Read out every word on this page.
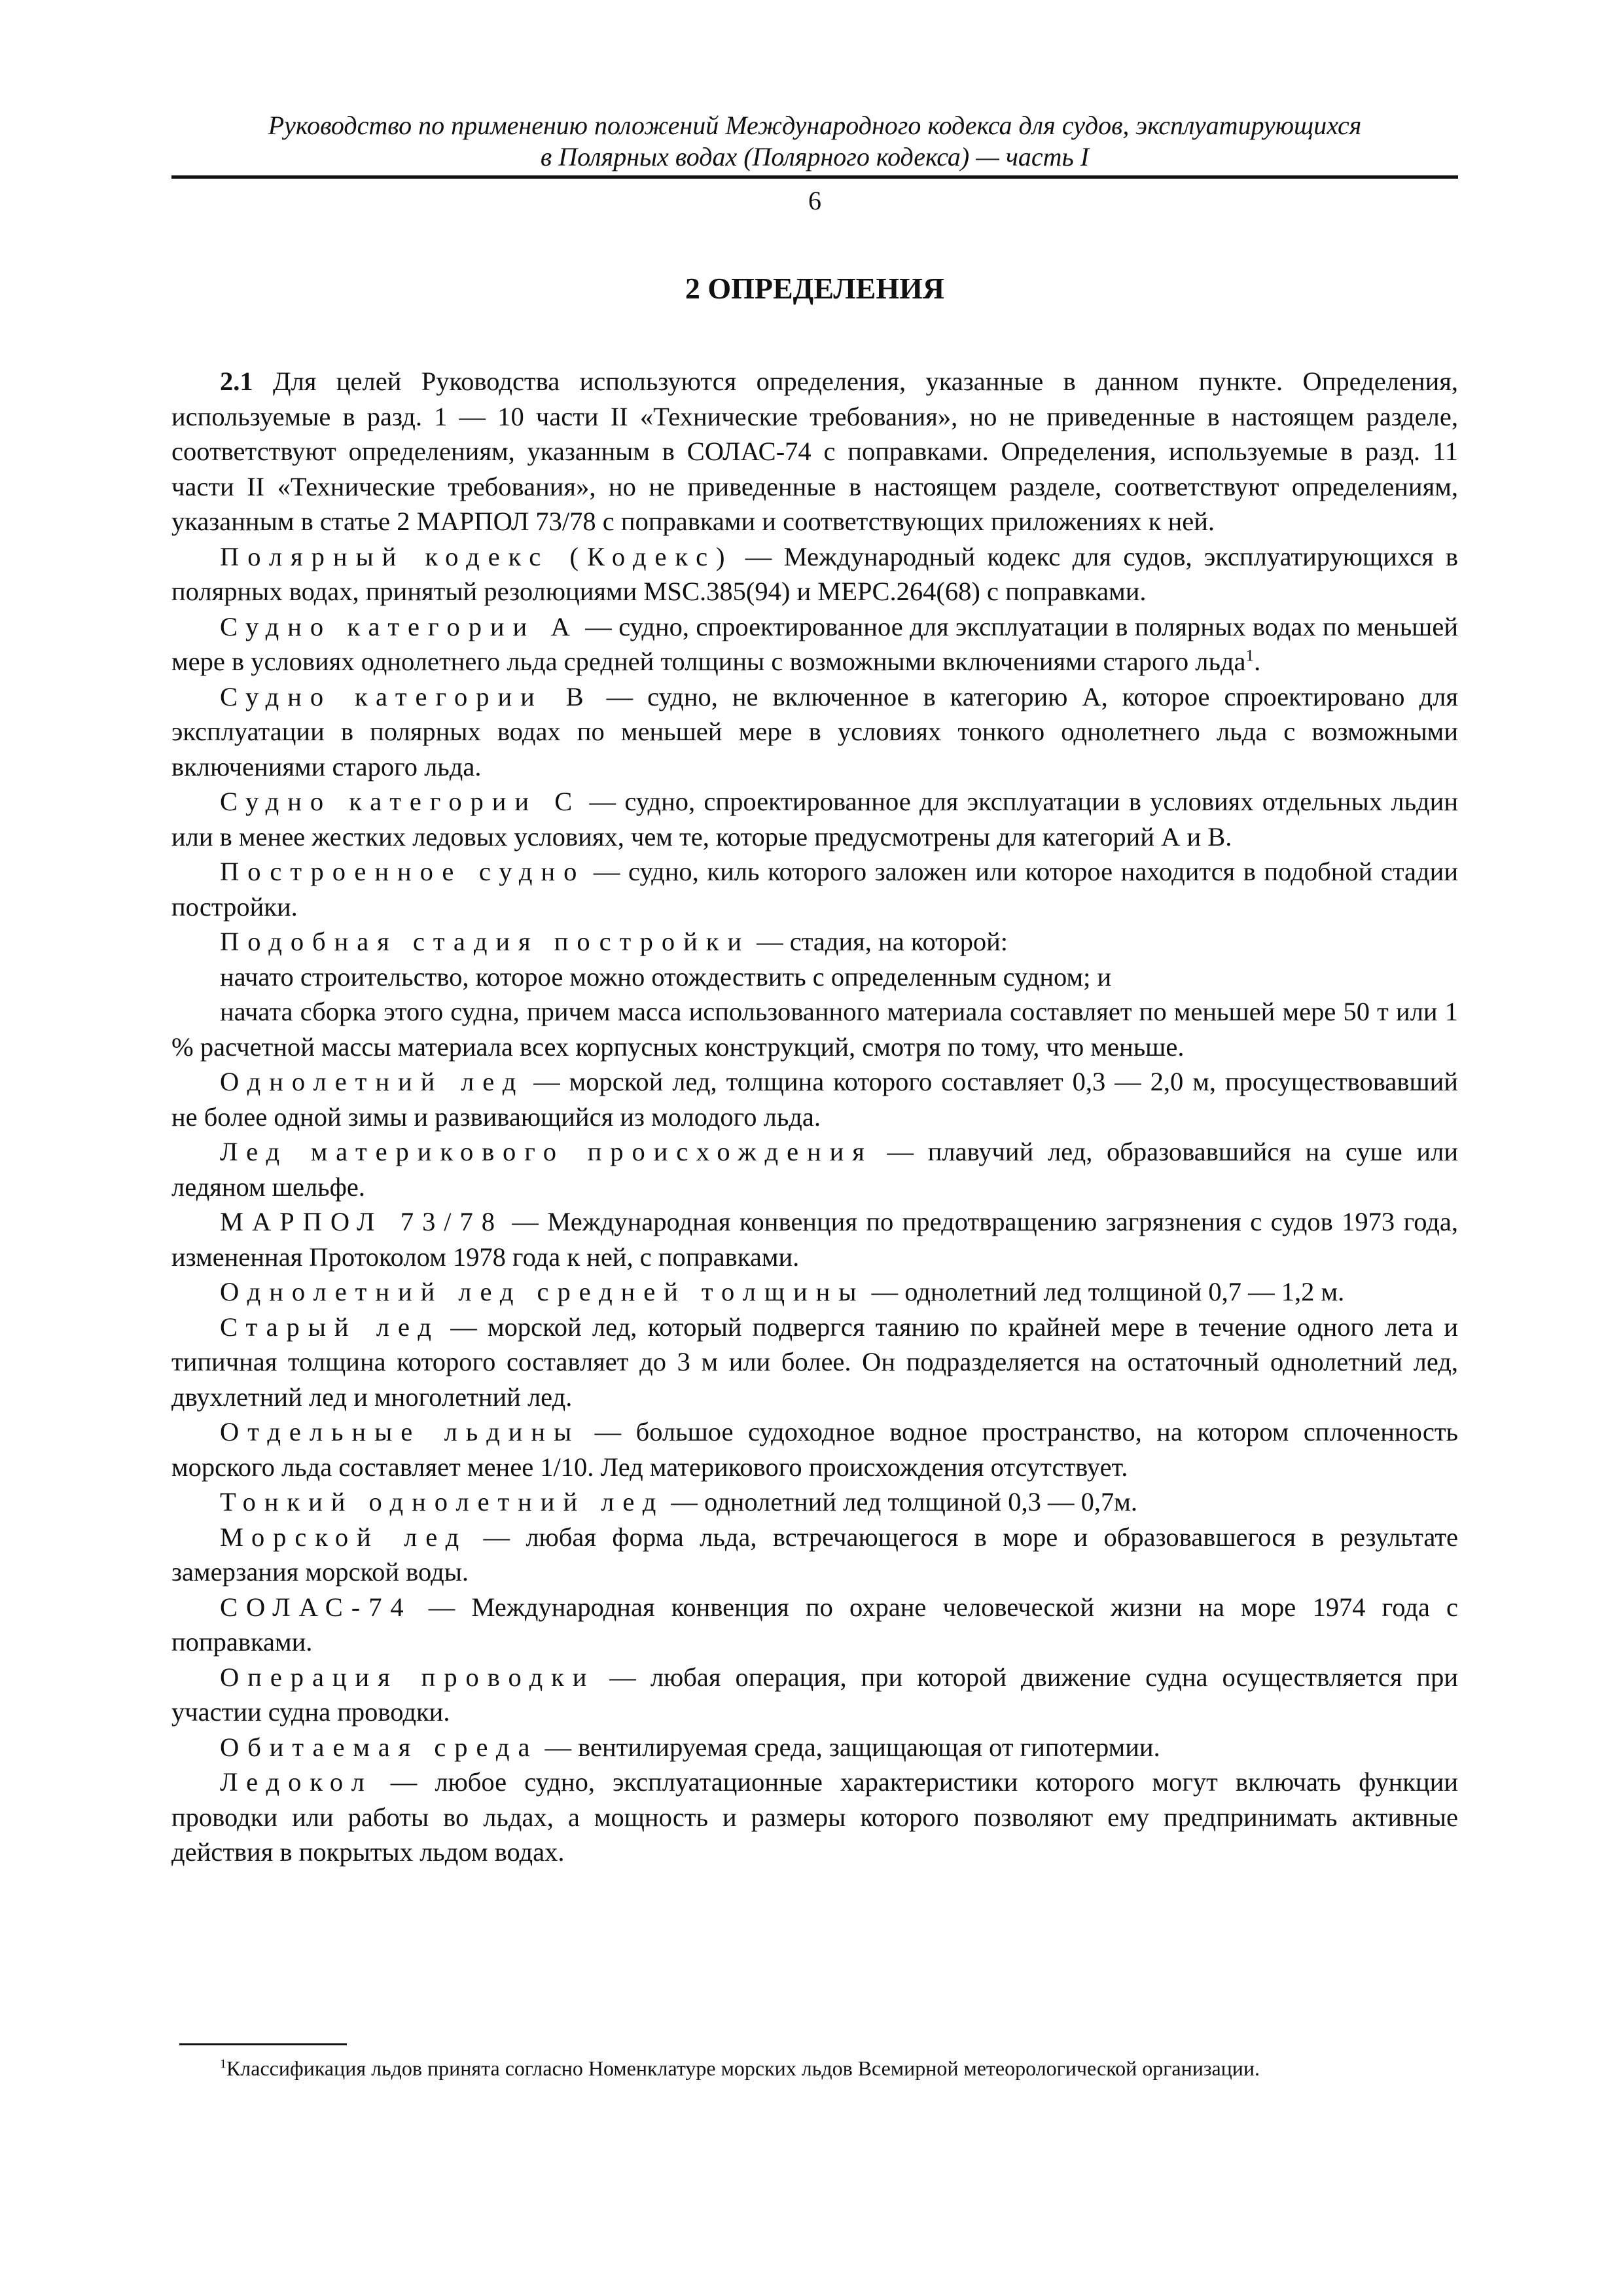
Руководство по применению положений Международного кодекса для судов, эксплуатирующихся
в Полярных водах (Полярного кодекса) — часть I
6
2 ОПРЕДЕЛЕНИЯ

2.1 Для целей Руководства используются определения, указанные в данном пункте. Определения, используемые в разд. 1 — 10 части II «Технические требования», но не приведенные в настоящем разделе, соответствуют определениям, указанным в СОЛАС-74 с поправками. Определения, используемые в разд. 11 части II «Технические требования», но не приведенные в настоящем разделе, соответствуют определениям, указанным в статье 2 МАРПОЛ 73/78 с поправками и соответствующих приложениях к ней.

Полярный кодекс (Кодекс) — Международный кодекс для судов, эксплуатирующихся в полярных водах, принятый резолюциями MSC.385(94) и MEPC.264(68) с поправками.

Судно категории А — судно, спроектированное для эксплуатации в полярных водах по меньшей мере в условиях однолетнего льда средней толщины с возможными включениями старого льда$^1$.

Судно категории В — судно, не включенное в категорию А, которое спроектировано для эксплуатации в полярных водах по меньшей мере в условиях тонкого однолетнего льда с возможными включениями старого льда.

Судно категории С — судно, спроектированное для эксплуатации в условиях отдельных льдин или в менее жестких ледовых условиях, чем те, которые предусмотрены для категорий А и В.

Построенное судно — судно, киль которого заложен или которое находится в подобной стадии постройки.

Подобная стадия постройки — стадия, на которой:

начато строительство, которое можно отождествить с определенным судном; и

начата сборка этого судна, причем масса использованного материала составляет по меньшей мере 50 т или 1 % расчетной массы материала всех корпусных конструкций, смотря по тому, что меньше.

Однолетний лед — морской лед, толщина которого составляет 0,3 — 2,0 м, просуществовавший не более одной зимы и развивающийся из молодого льда.

Лед материкового происхождения — плавучий лед, образовавшийся на суше или ледяном шельфе.

МАРПОЛ 73/78 — Международная конвенция по предотвращению загрязнения с судов 1973 года, измененная Протоколом 1978 года к ней, с поправками.

Однолетний лед средней толщины — однолетний лед толщиной 0,7 — 1,2 м.

Старый лед — морской лед, который подвергся таянию по крайней мере в течение одного лета и типичная толщина которого составляет до 3 м или более. Он подразделяется на остаточный однолетний лед, двухлетний лед и многолетний лед.

Отдельные льдины — большое судоходное водное пространство, на котором сплоченность морского льда составляет менее 1/10. Лед материкового происхождения отсутствует.

Тонкий однолетний лед — однолетний лед толщиной 0,3 — 0,7м.

Морской лед — любая форма льда, встречающегося в море и образовавшегося в результате замерзания морской воды.

СОЛАС-74 — Международная конвенция по охране человеческой жизни на море 1974 года с поправками.

Операция проводки — любая операция, при которой движение судна осуществляется при участии судна проводки.

Обитаемая среда — вентилируемая среда, защищающая от гипотермии.

Ледокол — любое судно, эксплуатационные характеристики которого могут включать функции проводки или работы во льдах, а мощность и размеры которого позволяют ему предпринимать активные действия в покрытых льдом водах.

$^1$Классификация льдов принята согласно Номенклатуре морских льдов Всемирной метеорологической организации.
